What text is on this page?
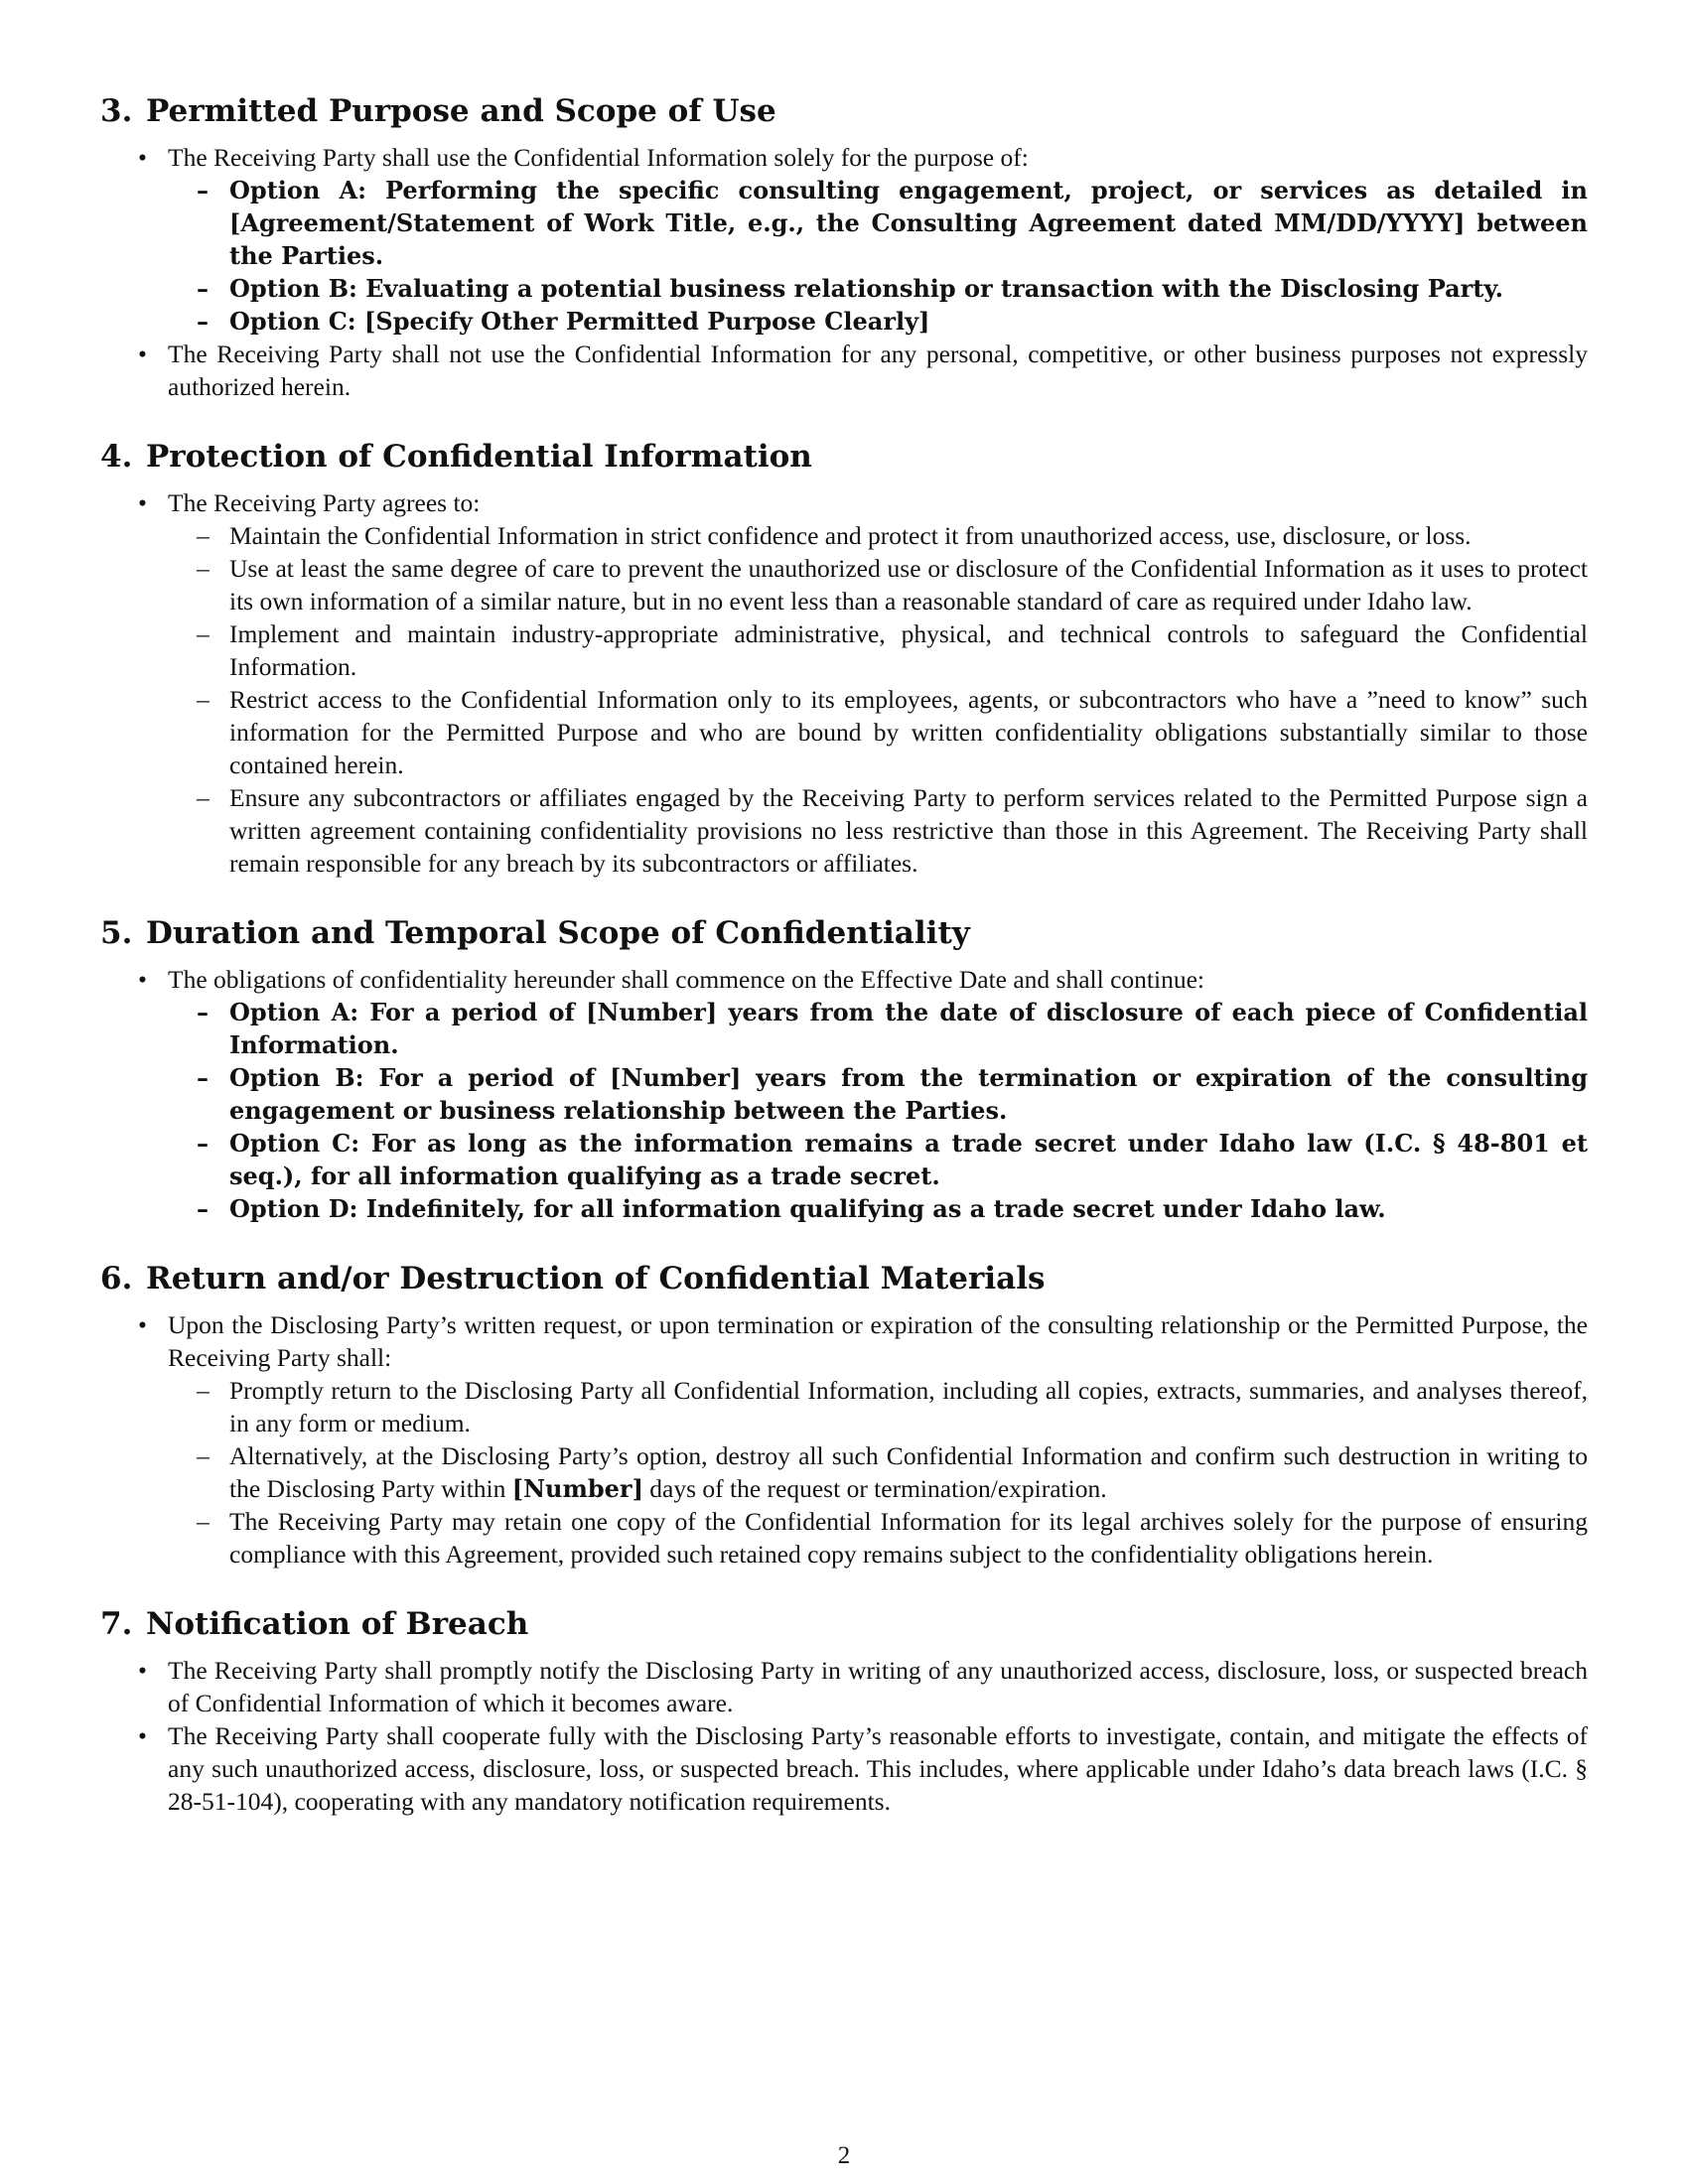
3. Permitted Purpose and Scope of Use
• The Receiving Party shall use the Confidential Information solely for the purpose of:
– Option A: Performing the specific consulting engagement, project, or services as detailed in [Agreement/Statement of Work Title, e.g., the Consulting Agreement dated MM/DD/YYYY] between the Parties.
– Option B: Evaluating a potential business relationship or transaction with the Disclosing Party.
– Option C: [Specify Other Permitted Purpose Clearly]
• The Receiving Party shall not use the Confidential Information for any personal, competitive, or other business purposes not expressly authorized herein.
4. Protection of Confidential Information
• The Receiving Party agrees to:
– Maintain the Confidential Information in strict confidence and protect it from unauthorized access, use, disclosure, or loss.
– Use at least the same degree of care to prevent the unauthorized use or disclosure of the Confidential Information as it uses to protect its own information of a similar nature, but in no event less than a reasonable standard of care as required under Idaho law.
– Implement and maintain industry-appropriate administrative, physical, and technical controls to safeguard the Confidential Information.
– Restrict access to the Confidential Information only to its employees, agents, or subcontractors who have a ”need to know” such information for the Permitted Purpose and who are bound by written confidentiality obligations substantially similar to those contained herein.
– Ensure any subcontractors or affiliates engaged by the Receiving Party to perform services related to the Permitted Purpose sign a written agreement containing confidentiality provisions no less restrictive than those in this Agreement. The Receiving Party shall remain responsible for any breach by its subcontractors or affiliates.
5. Duration and Temporal Scope of Confidentiality
• The obligations of confidentiality hereunder shall commence on the Effective Date and shall continue:
– Option A: For a period of [Number] years from the date of disclosure of each piece of Confidential Information.
– Option B: For a period of [Number] years from the termination or expiration of the consulting engagement or business relationship between the Parties.
– Option C: For as long as the information remains a trade secret under Idaho law (I.C. § 48-801 et seq.), for all information qualifying as a trade secret.
– Option D: Indefinitely, for all information qualifying as a trade secret under Idaho law.
6. Return and/or Destruction of Confidential Materials
• Upon the Disclosing Party’s written request, or upon termination or expiration of the consulting relationship or the Permitted Purpose, the Receiving Party shall:
– Promptly return to the Disclosing Party all Confidential Information, including all copies, extracts, summaries, and analyses thereof, in any form or medium.
– Alternatively, at the Disclosing Party’s option, destroy all such Confidential Information and confirm such destruction in writing to the Disclosing Party within [Number] days of the request or termination/expiration.
– The Receiving Party may retain one copy of the Confidential Information for its legal archives solely for the purpose of ensuring compliance with this Agreement, provided such retained copy remains subject to the confidentiality obligations herein.
7. Notification of Breach
• The Receiving Party shall promptly notify the Disclosing Party in writing of any unauthorized access, disclosure, loss, or suspected breach of Confidential Information of which it becomes aware.
• The Receiving Party shall cooperate fully with the Disclosing Party’s reasonable efforts to investigate, contain, and mitigate the effects of any such unauthorized access, disclosure, loss, or suspected breach. This includes, where applicable under Idaho’s data breach laws (I.C. § 28-51-104), cooperating with any mandatory notification requirements.
2
